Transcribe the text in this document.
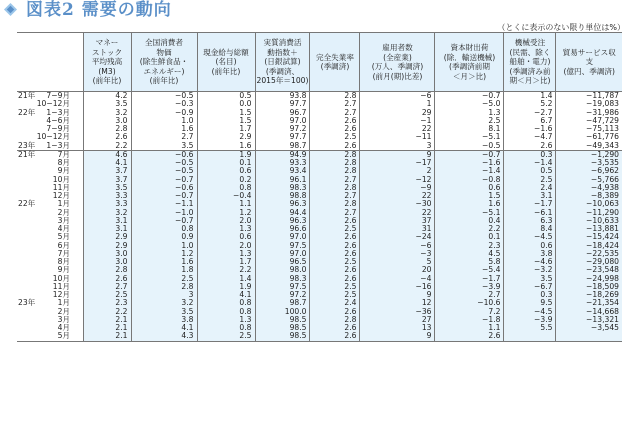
図表2 需要の動向
（とくに表示のない限り単位は%）
	マネー
ストック
平均残高
(M3)
(前年比)	全国消費者
物価
(除生鮮食品・
エネルギー)
(前年比)	現金給与総額
(名目)
(前年比)	実質消費活
動指数＋
(日銀試算)
(季調済、
2015年＝100)	完全失業率
(季調済)	雇用者数
(全産業)
(万人、季調済)
(前月(期)比差)	資本財出荷
(除．輸送機械)
(季調済前期
＜月＞比)	機械受注
(民需、除く
船舶・電力)
(季調済み前
期＜月＞比)	貿易サービス収
支
(億円、季調済)
21年 7−9月	4.2	−0.5	0.5	93.8	2.8	−6	−0.7	1.4	−11,787
10−12月	3.5	−0.3	0.0	97.7	2.7	1	−5.0	5.2	−19,083
22年 1−3月	3.2	−0.9	1.5	96.7	2.7	29	1.3	−2.7	−31,986
4−6月	3.0	1.0	1.5	97.0	2.6	−1	2.5	6.7	−47,729
7−9月	2.8	1.6	1.7	97.2	2.6	22	8.1	−1.6	−75,113
10−12月	2.6	2.7	2.9	97.7	2.5	−11	−5.1	−4.7	−61,776
23年 1−3月	2.2	3.5	1.6	98.7	2.6	3	−0.5	2.6	−49,343
21年 7月	4.6	−0.6	1.9	94.9	2.8	9	−0.7	0.3	−1,290
8月	4.1	−0.5	0.1	93.3	2.8	−17	−1.6	−1.4	−3,535
9月	3.7	−0.5	0.6	93.4	2.8	2	−1.4	0.5	−6,962
10月	3.7	−0.7	0.2	96.1	2.7	−12	−0.8	2.5	−5,766
11月	3.5	−0.6	0.8	98.3	2.8	−9	0.6	2.4	−4,938
12月	3.3	−0.7	−0.4	98.8	2.7	22	1.5	3.1	−8,389
22年 1月	3.3	−1.1	1.1	96.3	2.8	−30	1.6	−1.7	−10,063
2月	3.2	−1.0	1.2	94.4	2.7	22	−5.1	−6.1	−11,290
3月	3.1	−0.7	2.0	96.3	2.6	37	0.4	6.3	−10,633
4月	3.1	0.8	1.3	96.6	2.5	31	2.2	8.4	−13,881
5月	2.9	0.9	0.6	97.0	2.6	−24	0.1	−4.5	−15,424
6月	2.9	1.0	2.0	97.5	2.6	−6	2.3	0.6	−18,424
7月	3.0	1.2	1.3	97.0	2.6	−3	4.5	3.8	−22,535
8月	3.0	1.6	1.7	96.5	2.5	5	5.8	−4.6	−29,080
9月	2.8	1.8	2.2	98.0	2.6	20	−5.4	−3.2	−23,548
10月	2.6	2.5	1.4	98.3	2.6	−4	−1.7	3.5	−24,998
11月	2.7	2.8	1.9	97.5	2.5	−16	−3.9	−6.7	−18,509
12月	2.5	3	4.1	97.2	2.5	9	2.7	0.3	−18,269
23年 1月	2.3	3.2	0.8	98.7	2.4	12	−10.6	9.5	−21,354
2月	2.2	3.5	0.8	100.0	2.6	−36	7.2	−4.5	−14,668
3月	2.1	3.8	1.3	98.5	2.8	27	−1.8	−3.9	−13,321
4月	2.1	4.1	0.8	98.5	2.6	13	1.1	5.5	−3,545
5月	2.1	4.3	2.5	98.5	2.6	9	2.6		
